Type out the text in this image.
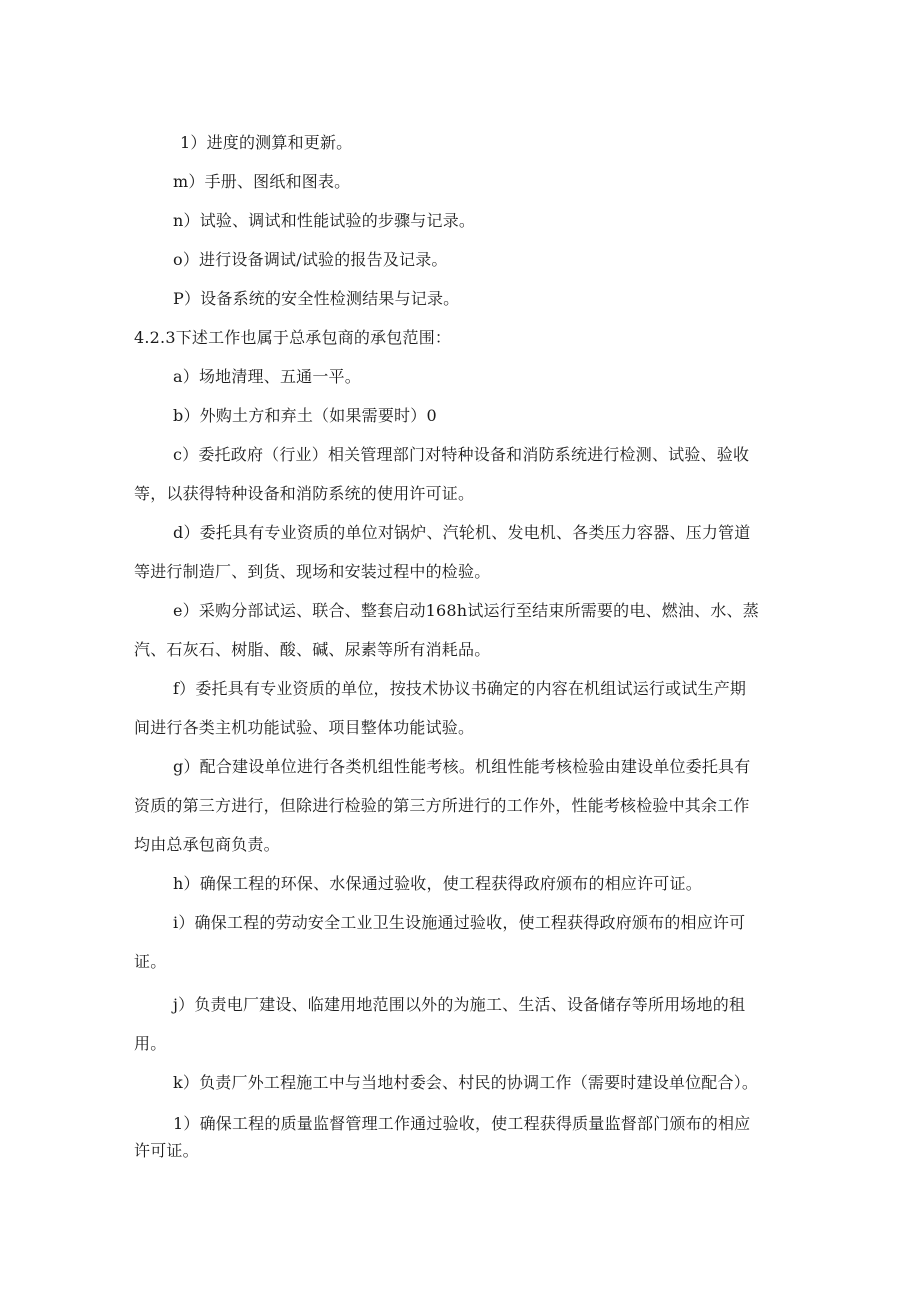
1）进度的测算和更新。
m）手册、图纸和图表。
n）试验、调试和性能试验的步骤与记录。
o）进行设备调试/试验的报告及记录。
P）设备系统的安全性检测结果与记录。
4.2.3下述工作也属于总承包商的承包范围：
a）场地清理、五通一平。
b）外购土方和弃土（如果需要时）0
c）委托政府（行业）相关管理部门对特种设备和消防系统进行检测、试验、验收
等，以获得特种设备和消防系统的使用许可证。
d）委托具有专业资质的单位对锅炉、汽轮机、发电机、各类压力容器、压力管道
等进行制造厂、到货、现场和安装过程中的检验。
e）采购分部试运、联合、整套启动168h试运行至结束所需要的电、燃油、水、蒸
汽、石灰石、树脂、酸、碱、尿素等所有消耗品。
f）委托具有专业资质的单位，按技术协议书确定的内容在机组试运行或试生产期
间进行各类主机功能试验、项目整体功能试验。
g）配合建设单位进行各类机组性能考核。机组性能考核检验由建设单位委托具有
资质的第三方进行，但除进行检验的第三方所进行的工作外，性能考核检验中其余工作
均由总承包商负责。
h）确保工程的环保、水保通过验收，使工程获得政府颁布的相应许可证。
i）确保工程的劳动安全工业卫生设施通过验收，使工程获得政府颁布的相应许可
证。
j）负责电厂建设、临建用地范围以外的为施工、生活、设备储存等所用场地的租
用。
k）负责厂外工程施工中与当地村委会、村民的协调工作（需要时建设单位配合）。
1）确保工程的质量监督管理工作通过验收，使工程获得质量监督部门颁布的相应
许可证。
